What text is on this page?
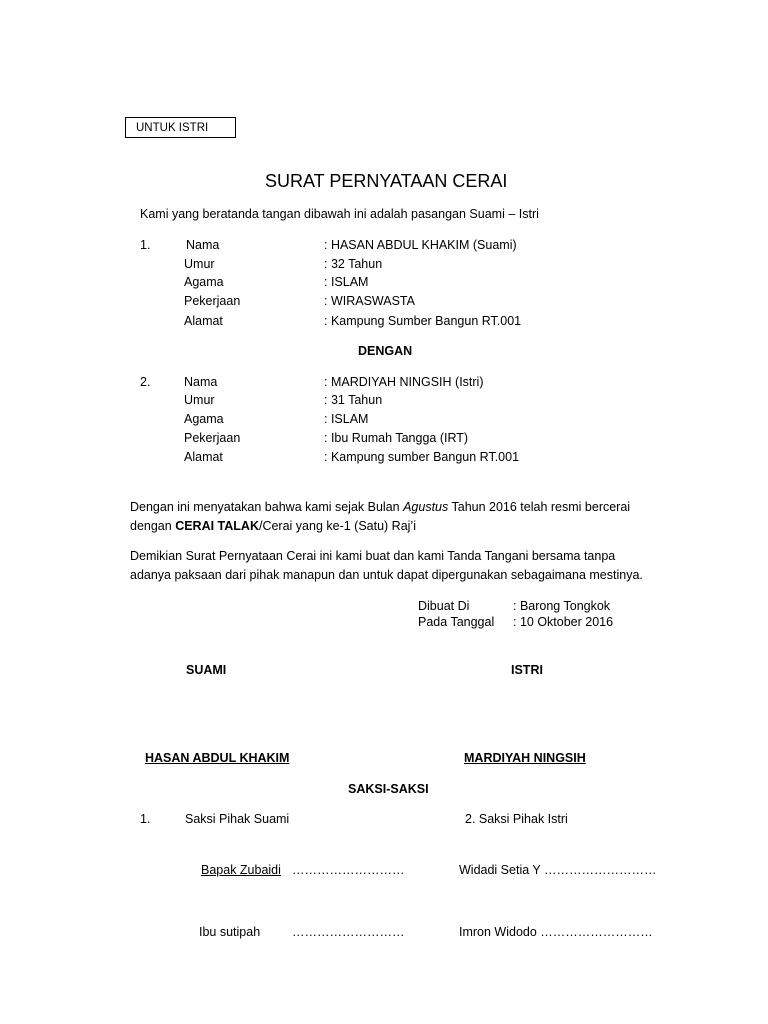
UNTUK ISTRI
SURAT PERNYATAAN CERAI
Kami yang beratanda tangan dibawah ini adalah pasangan Suami – Istri
1.	Nama	: HASAN ABDUL KHAKIM (Suami)
Umur	: 32 Tahun
Agama	: ISLAM
Pekerjaan	: WIRASWASTA
Alamat	: Kampung Sumber Bangun RT.001
DENGAN
2.	Nama	: MARDIYAH NINGSIH (Istri)
Umur	: 31 Tahun
Agama	: ISLAM
Pekerjaan	: Ibu Rumah Tangga (IRT)
Alamat	: Kampung sumber Bangun RT.001
Dengan ini menyatakan bahwa kami sejak Bulan Agustus Tahun 2016 telah resmi bercerai
dengan CERAI TALAK/Cerai yang ke-1 (Satu) Raj’i
Demikian Surat Pernyataan Cerai ini kami buat dan kami Tanda Tangani bersama tanpa
adanya paksaan dari pihak manapun dan untuk dapat dipergunakan sebagaimana mestinya.
Dibuat Di	: Barong Tongkok
Pada Tanggal : 10 Oktober 2016
SUAMI	ISTRI
HASAN ABDUL KHAKIM	MARDIYAH NINGSIH
SAKSI-SAKSI
1.	Saksi Pihak Suami	2. Saksi Pihak Istri
Bapak Zubaidi ………………………	Widadi Setia Y ………………………
Ibu sutipah	………………………	Imron Widodo ………………………
